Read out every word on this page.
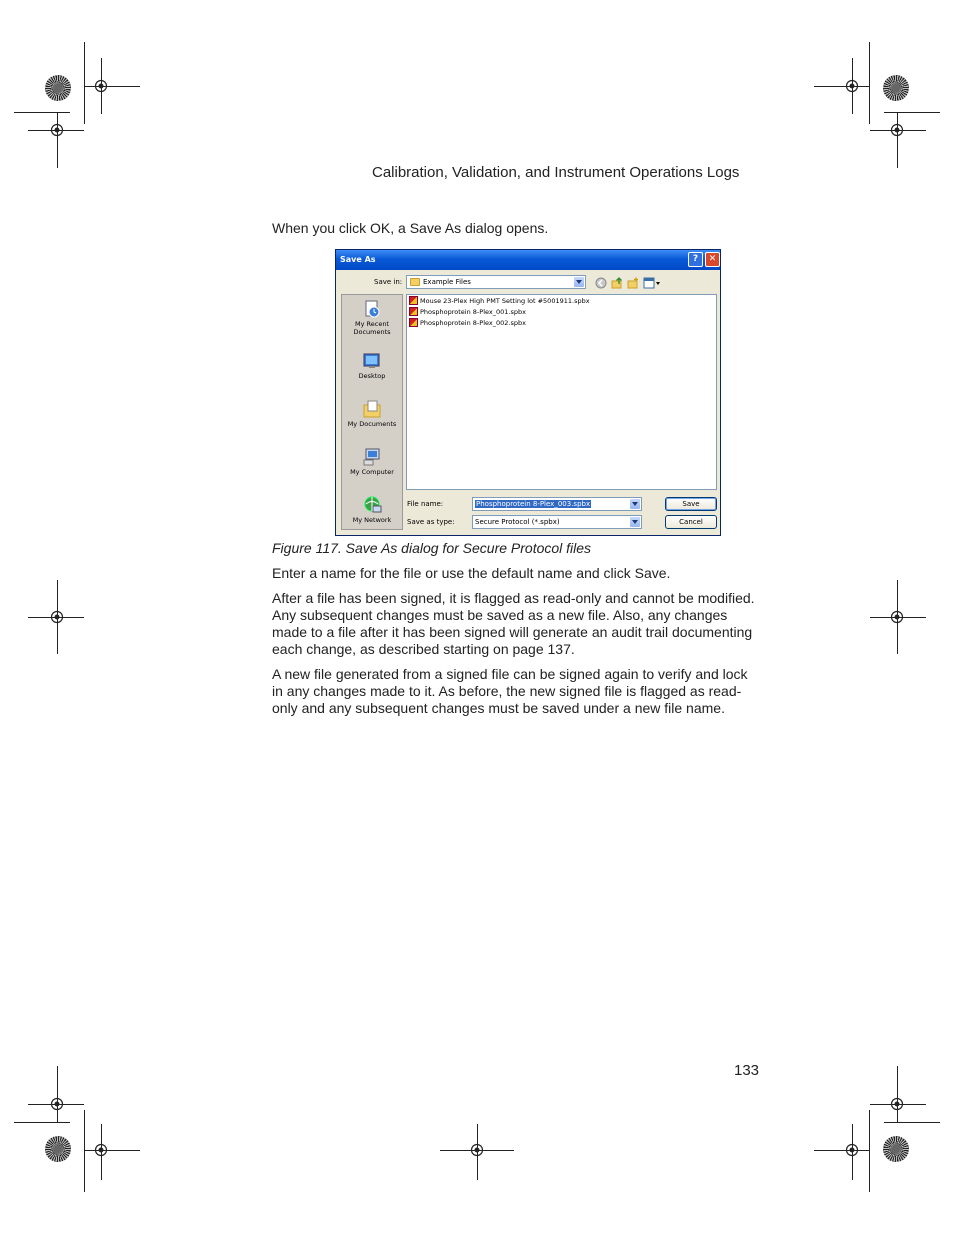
Calibration, Validation, and Instrument Operations Logs
When you click OK, a Save As dialog opens.
Save As	?	✕
Save in:	Example Files
My Recent Documents
Desktop
My Documents
My Computer
My Network
Mouse 23-Plex High PMT Setting lot #5001911.spbx
Phosphoprotein 8-Plex_001.spbx
Phosphoprotein 8-Plex_002.spbx
File name:	Phosphoprotein 8-Plex_003.spbx
Save as type:	Secure Protocol (*.spbx)
Save
Cancel
Figure 117. Save As dialog for Secure Protocol files
Enter a name for the file or use the default name and click Save.
After a file has been signed, it is flagged as read-only and cannot be modified. Any subsequent changes must be saved as a new file. Also, any changes made to a file after it has been signed will generate an audit trail documenting each change, as described starting on page 137.
A new file generated from a signed file can be signed again to verify and lock in any changes made to it. As before, the new signed file is flagged as read-only and any subsequent changes must be saved under a new file name.
133
